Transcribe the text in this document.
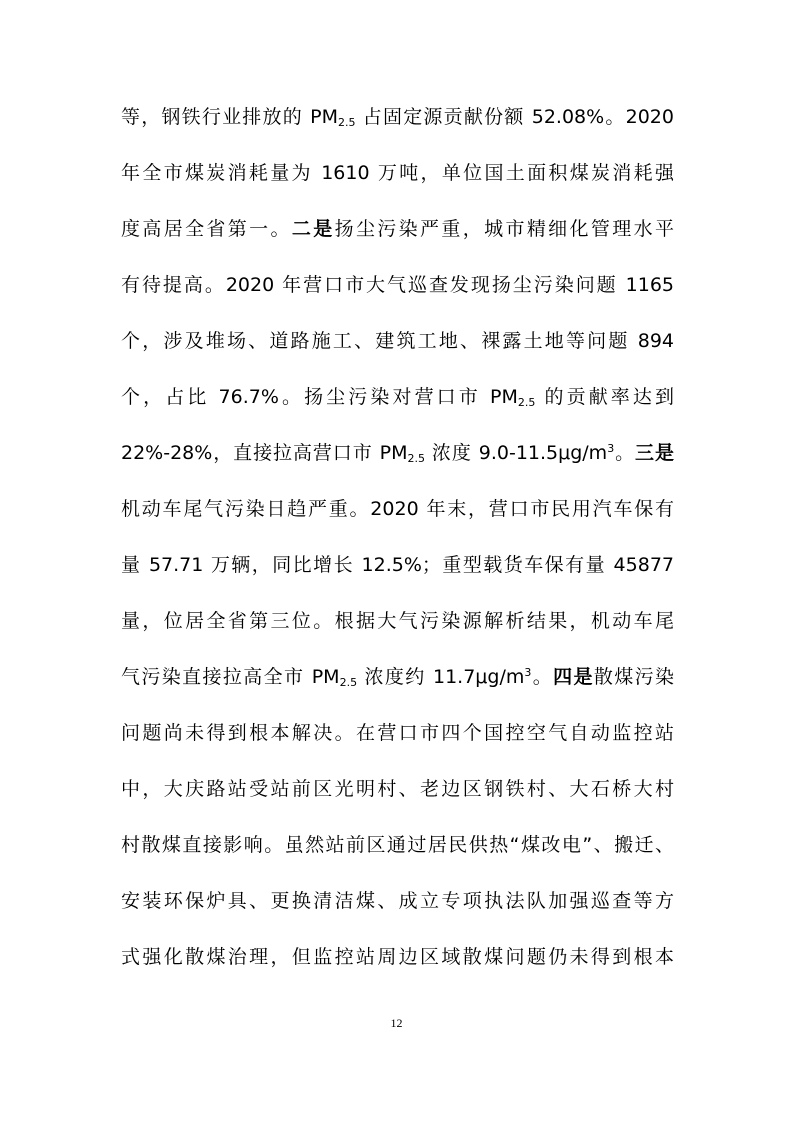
等，钢铁行业排放的 $PM_{2.5}$ 占固定源贡献份额 52.08%。2020
年全市煤炭消耗量为 1610 万吨，单位国土面积煤炭消耗强
度高居全省第一。二是扬尘污染严重，城市精细化管理水平
有待提高。2020 年营口市大气巡查发现扬尘污染问题 1165
个，涉及堆场、道路施工、建筑工地、裸露土地等问题 894
个，占比 76.7%。扬尘污染对营口市 $PM_{2.5}$ 的贡献率达到
22%-28%，直接拉高营口市 $PM_{2.5}$ 浓度 $9.0-11.5\mu g/m^3$。三是
机动车尾气污染日趋严重。2020 年末，营口市民用汽车保有
量 57.71 万辆，同比增长 12.5%；重型载货车保有量 45877
量，位居全省第三位。根据大气污染源解析结果，机动车尾
气污染直接拉高全市 $PM_{2.5}$ 浓度约 $11.7\mu g/m^3$。四是散煤污染
问题尚未得到根本解决。在营口市四个国控空气自动监控站
中，大庆路站受站前区光明村、老边区钢铁村、大石桥大村
村散煤直接影响。虽然站前区通过居民供热“煤改电”、搬迁、
安装环保炉具、更换清洁煤、成立专项执法队加强巡查等方
式强化散煤治理，但监控站周边区域散煤问题仍未得到根本
12
